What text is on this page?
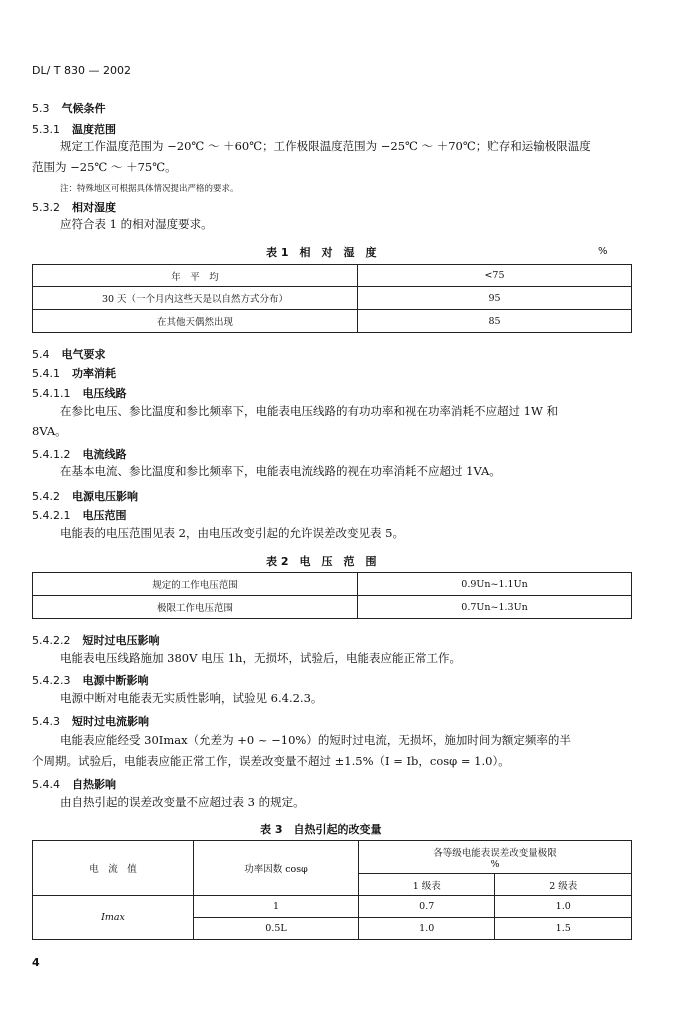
DL/ T 830 — 2002
5.3 气候条件
5.3.1 温度范围
规定工作温度范围为 −20℃ ～ ＋60℃；工作极限温度范围为 −25℃ ～ ＋70℃；贮存和运输极限温度
范围为 −25℃ ～ ＋75℃。
注：特殊地区可根据具体情况提出严格的要求。
5.3.2 相对湿度
应符合表 1 的相对湿度要求。
表 1　相　对　湿　度	%
年　平　均	<75
30 天（一个月内这些天是以自然方式分布）	95
在其他天偶然出现	85
5.4 电气要求
5.4.1 功率消耗
5.4.1.1 电压线路
在参比电压、参比温度和参比频率下，电能表电压线路的有功功率和视在功率消耗不应超过 1W 和
8VA。
5.4.1.2 电流线路
在基本电流、参比温度和参比频率下，电能表电流线路的视在功率消耗不应超过 1VA。
5.4.2 电源电压影响
5.4.2.1 电压范围
电能表的电压范围见表 2，由电压改变引起的允许误差改变见表 5。
表 2　电　压　范　围
规定的工作电压范围	0.9Un~1.1Un
极限工作电压范围	0.7Un~1.3Un
5.4.2.2 短时过电压影响
电能表电压线路施加 380V 电压 1h，无损坏，试验后，电能表应能正常工作。
5.4.2.3 电源中断影响
电源中断对电能表无实质性影响，试验见 6.4.2.3。
5.4.3 短时过电流影响
电能表应能经受 30Imax（允差为 +0 ~ −10%）的短时过电流，无损坏，施加时间为额定频率的半
个周期。试验后，电能表应能正常工作，误差改变量不超过 ±1.5%（I = Ib，cosφ = 1.0）。
5.4.4 自热影响
由自热引起的误差改变量不应超过表 3 的规定。
表 3　自热引起的改变量
电　流　值	功率因数 cosφ	各等级电能表误差改变量极限
%	

		1 级表	2 级表
Imax	1	0.7	1.0
	0.5L	1.0	1.5
4
